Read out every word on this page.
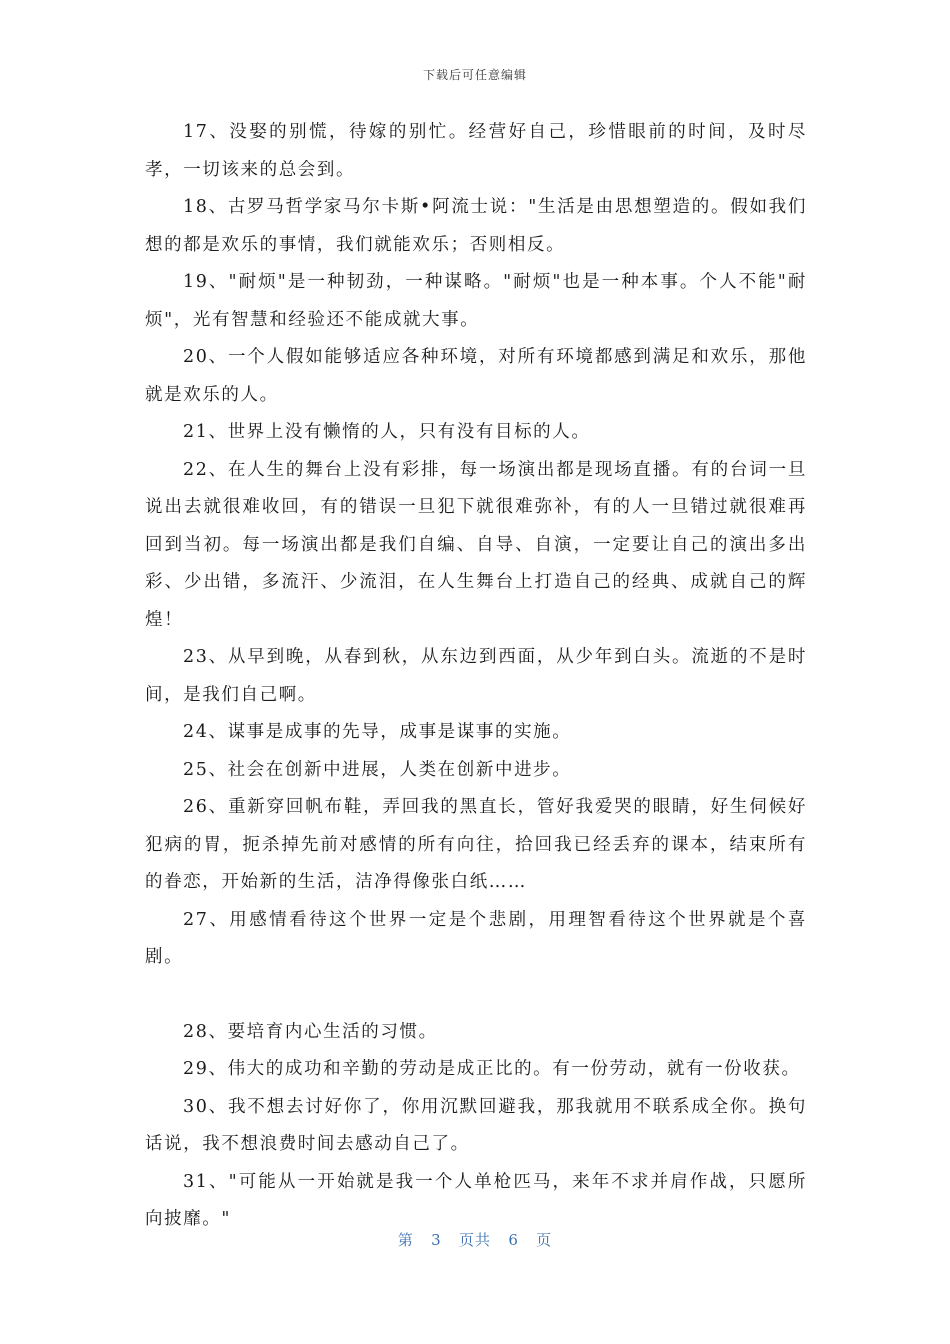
下载后可任意编辑

17、没娶的别慌，待嫁的别忙。经营好自己，珍惜眼前的时间，及时尽孝，一切该来的总会到。

18、古罗马哲学家马尔卡斯•阿流士说："生活是由思想塑造的。假如我们想的都是欢乐的事情，我们就能欢乐；否则相反。

19、"耐烦"是一种韧劲，一种谋略。"耐烦"也是一种本事。个人不能"耐烦"，光有智慧和经验还不能成就大事。

20、一个人假如能够适应各种环境，对所有环境都感到满足和欢乐，那他就是欢乐的人。

21、世界上没有懒惰的人，只有没有目标的人。

22、在人生的舞台上没有彩排，每一场演出都是现场直播。有的台词一旦说出去就很难收回，有的错误一旦犯下就很难弥补，有的人一旦错过就很难再回到当初。每一场演出都是我们自编、自导、自演，一定要让自己的演出多出彩、少出错，多流汗、少流泪，在人生舞台上打造自己的经典、成就自己的辉煌！

23、从早到晚，从春到秋，从东边到西面，从少年到白头。流逝的不是时间，是我们自己啊。

24、谋事是成事的先导，成事是谋事的实施。

25、社会在创新中进展，人类在创新中进步。

26、重新穿回帆布鞋，弄回我的黑直长，管好我爱哭的眼睛，好生伺候好犯病的胃，扼杀掉先前对感情的所有向往，拾回我已经丢弃的课本，结束所有的眷恋，开始新的生活，洁净得像张白纸……

27、用感情看待这个世界一定是个悲剧，用理智看待这个世界就是个喜剧。

28、要培育内心生活的习惯。

29、伟大的成功和辛勤的劳动是成正比的。有一份劳动，就有一份收获。

30、我不想去讨好你了，你用沉默回避我，那我就用不联系成全你。换句话说，我不想浪费时间去感动自己了。

31、"可能从一开始就是我一个人单枪匹马，来年不求并肩作战，只愿所向披靡。"

第 3 页共 6 页
